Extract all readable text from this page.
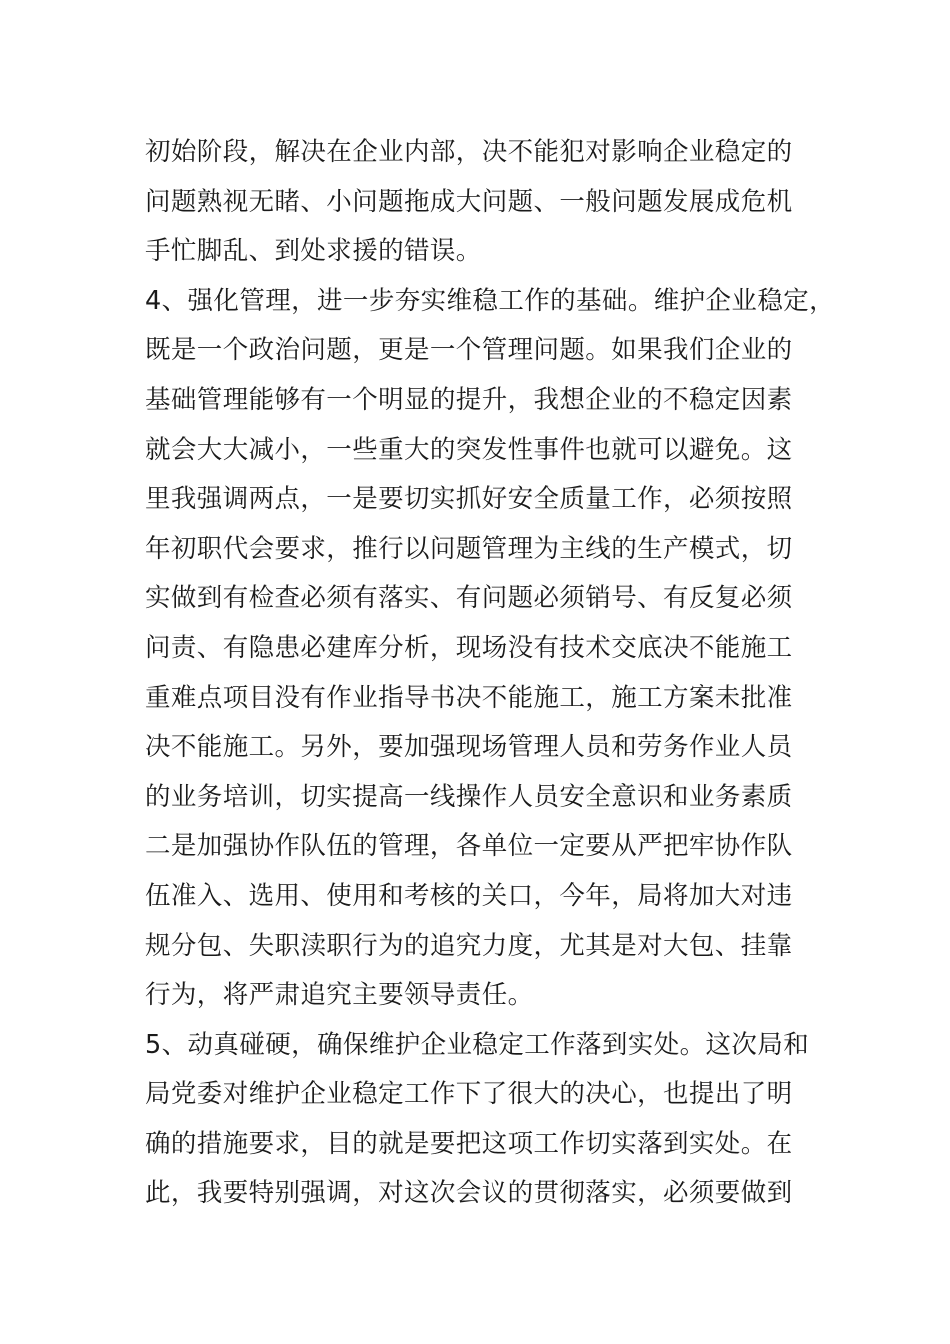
初始阶段，解决在企业内部，决不能犯对影响企业稳定的
问题熟视无睹、小问题拖成大问题、一般问题发展成危机
手忙脚乱、到处求援的错误。
4、强化管理，进一步夯实维稳工作的基础。维护企业稳定，
既是一个政治问题，更是一个管理问题。如果我们企业的
基础管理能够有一个明显的提升，我想企业的不稳定因素
就会大大减小，一些重大的突发性事件也就可以避免。这
里我强调两点，一是要切实抓好安全质量工作，必须按照
年初职代会要求，推行以问题管理为主线的生产模式，切
实做到有检查必须有落实、有问题必须销号、有反复必须
问责、有隐患必建库分析，现场没有技术交底决不能施工
重难点项目没有作业指导书决不能施工，施工方案未批准
决不能施工。另外，要加强现场管理人员和劳务作业人员
的业务培训，切实提高一线操作人员安全意识和业务素质
二是加强协作队伍的管理，各单位一定要从严把牢协作队
伍准入、选用、使用和考核的关口，今年，局将加大对违
规分包、失职渎职行为的追究力度，尤其是对大包、挂靠
行为，将严肃追究主要领导责任。
5、动真碰硬，确保维护企业稳定工作落到实处。这次局和
局党委对维护企业稳定工作下了很大的决心，也提出了明
确的措施要求，目的就是要把这项工作切实落到实处。在
此，我要特别强调，对这次会议的贯彻落实，必须要做到
